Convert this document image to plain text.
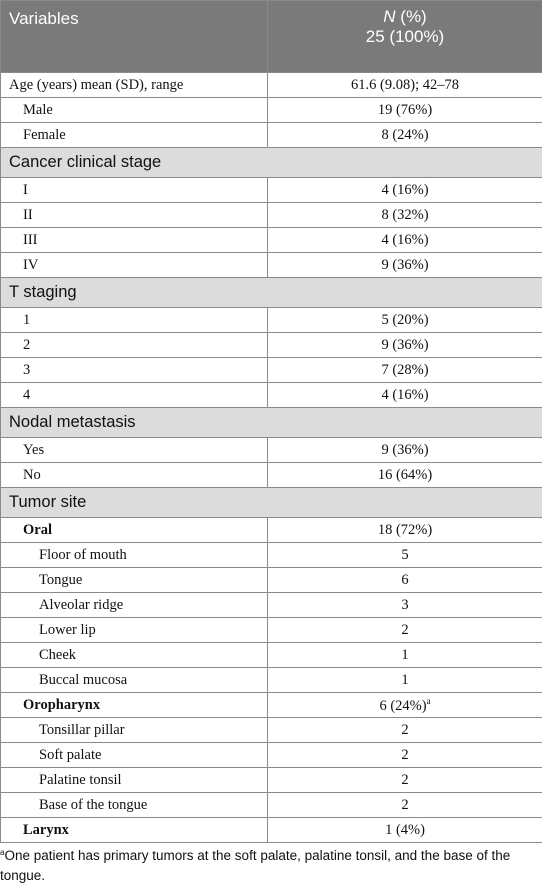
Variables	N (%)
25 (100%)
Age (years) mean (SD), range	61.6 (9.08); 42–78
Male	19 (76%)
Female	8 (24%)
Cancer clinical stage	
I	4 (16%)
II	8 (32%)
III	4 (16%)
IV	9 (36%)
T staging	
1	5 (20%)
2	9 (36%)
3	7 (28%)
4	4 (16%)
Nodal metastasis	
Yes	9 (36%)
No	16 (64%)
Tumor site	
Oral	18 (72%)
Floor of mouth	5
Tongue	6
Alveolar ridge	3
Lower lip	2
Cheek	1
Buccal mucosa	1
Oropharynx	6 $(24\%)^a$
Tonsillar pillar	2
Soft palate	2
Palatine tonsil	2
Base of the tongue	2
Larynx	1 (4%)
$^a$One patient has primary tumors at the soft palate, palatine tonsil, and the base of the tongue.
